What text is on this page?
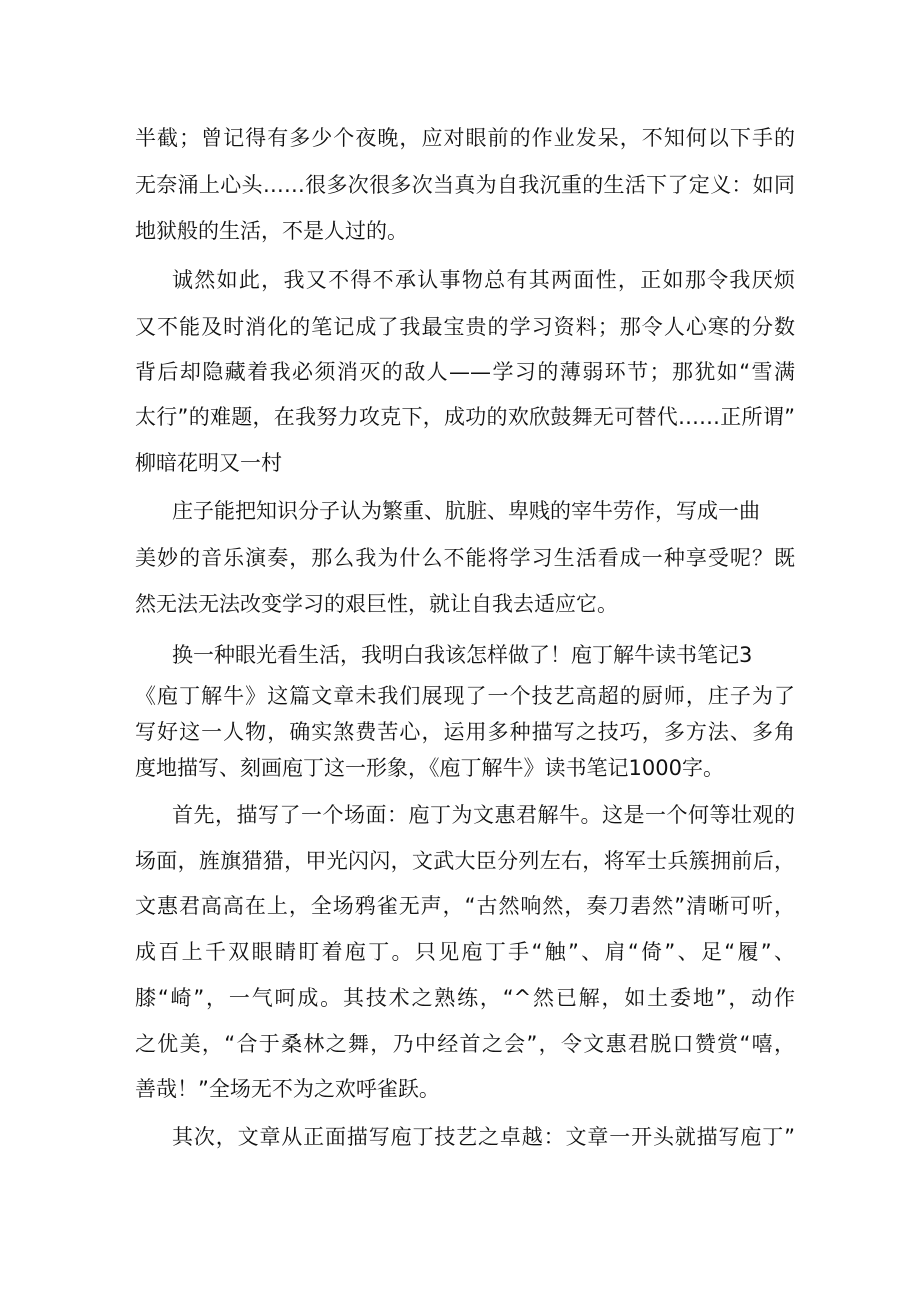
半截；曾记得有多少个夜晚，应对眼前的作业发呆，不知何以下手的
无奈涌上心头……很多次很多次当真为自我沉重的生活下了定义：如同
地狱般的生活，不是人过的。
诚然如此，我又不得不承认事物总有其两面性，正如那令我厌烦
又不能及时消化的笔记成了我最宝贵的学习资料；那令人心寒的分数
背后却隐藏着我必须消灭的敌人——学习的薄弱环节；那犹如“雪满
太行”的难题，在我努力攻克下，成功的欢欣鼓舞无可替代……正所谓”
柳暗花明又一村
庄子能把知识分子认为繁重、肮脏、卑贱的宰牛劳作，写成一曲
美妙的音乐演奏，那么我为什么不能将学习生活看成一种享受呢？既
然无法无法改变学习的艰巨性，就让自我去适应它。
换一种眼光看生活，我明白我该怎样做了！庖丁解牛读书笔记3
《庖丁解牛》这篇文章未我们展现了一个技艺高超的厨师，庄子为了
写好这一人物，确实煞费苦心，运用多种描写之技巧，多方法、多角
度地描写、刻画庖丁这一形象，《庖丁解牛》读书笔记1000字。
首先，描写了一个场面：庖丁为文惠君解牛。这是一个何等壮观的
场面，旌旗猎猎，甲光闪闪，文武大臣分列左右，将军士兵簇拥前后，
文惠君高高在上，全场鸦雀无声，“古然响然，奏刀砉然”清晰可听，
成百上千双眼睛盯着庖丁。只见庖丁手“触”、肩“倚”、足“履”、
膝“崎”，一气呵成。其技术之熟练，“^然已解，如土委地”，动作
之优美，“合于桑林之舞，乃中经首之会”，令文惠君脱口赞赏“嘻，
善哉！”全场无不为之欢呼雀跃。
其次，文章从正面描写庖丁技艺之卓越：文章一开头就描写庖丁”
